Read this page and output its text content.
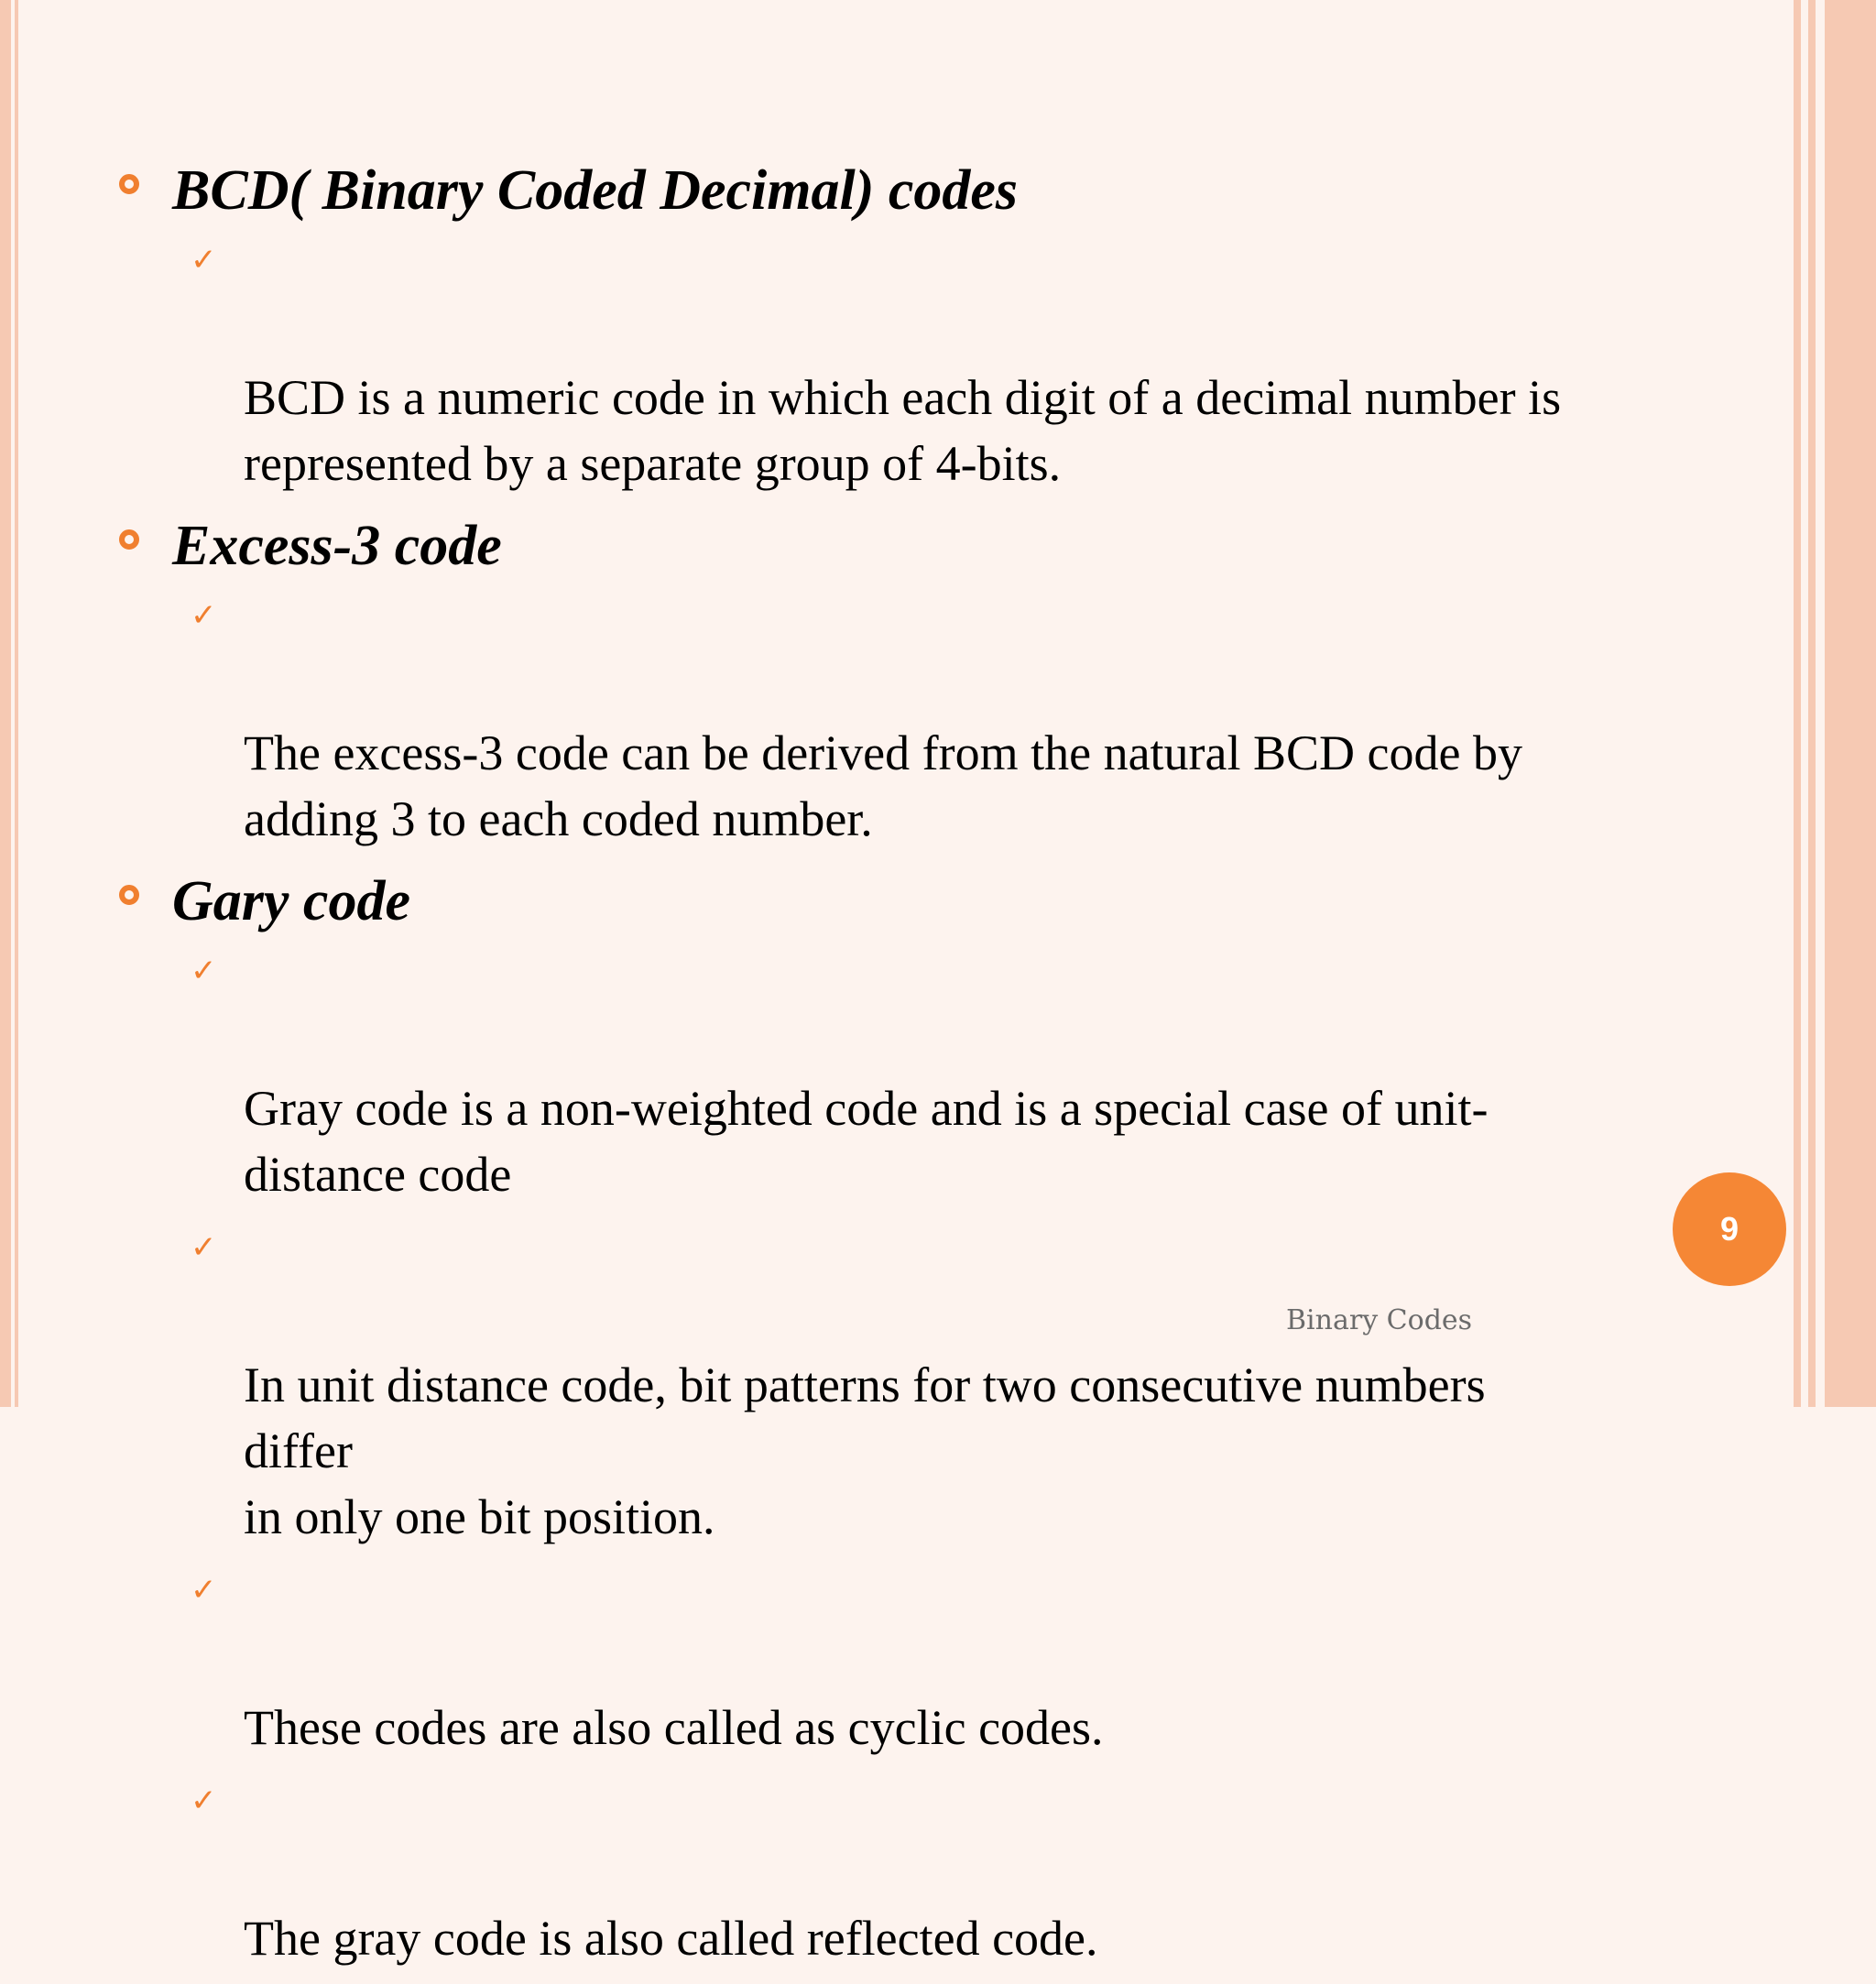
BCD( Binary Coded Decimal) codes

✓

BCD is a numeric code in which each digit of a decimal number is
represented by a separate group of 4-bits.

Excess-3 code

✓

The excess-3 code can be derived from the natural BCD code by
adding 3 to each coded number.

Gary code

✓

Gray code is a non-weighted code and is a special case of unit-
distance code

✓

In unit distance code, bit patterns for two consecutive numbers
differ
in only one bit position.

✓

These codes are also called as cyclic codes.

✓

The gray code is also called reflected code.

9
Binary Codes
